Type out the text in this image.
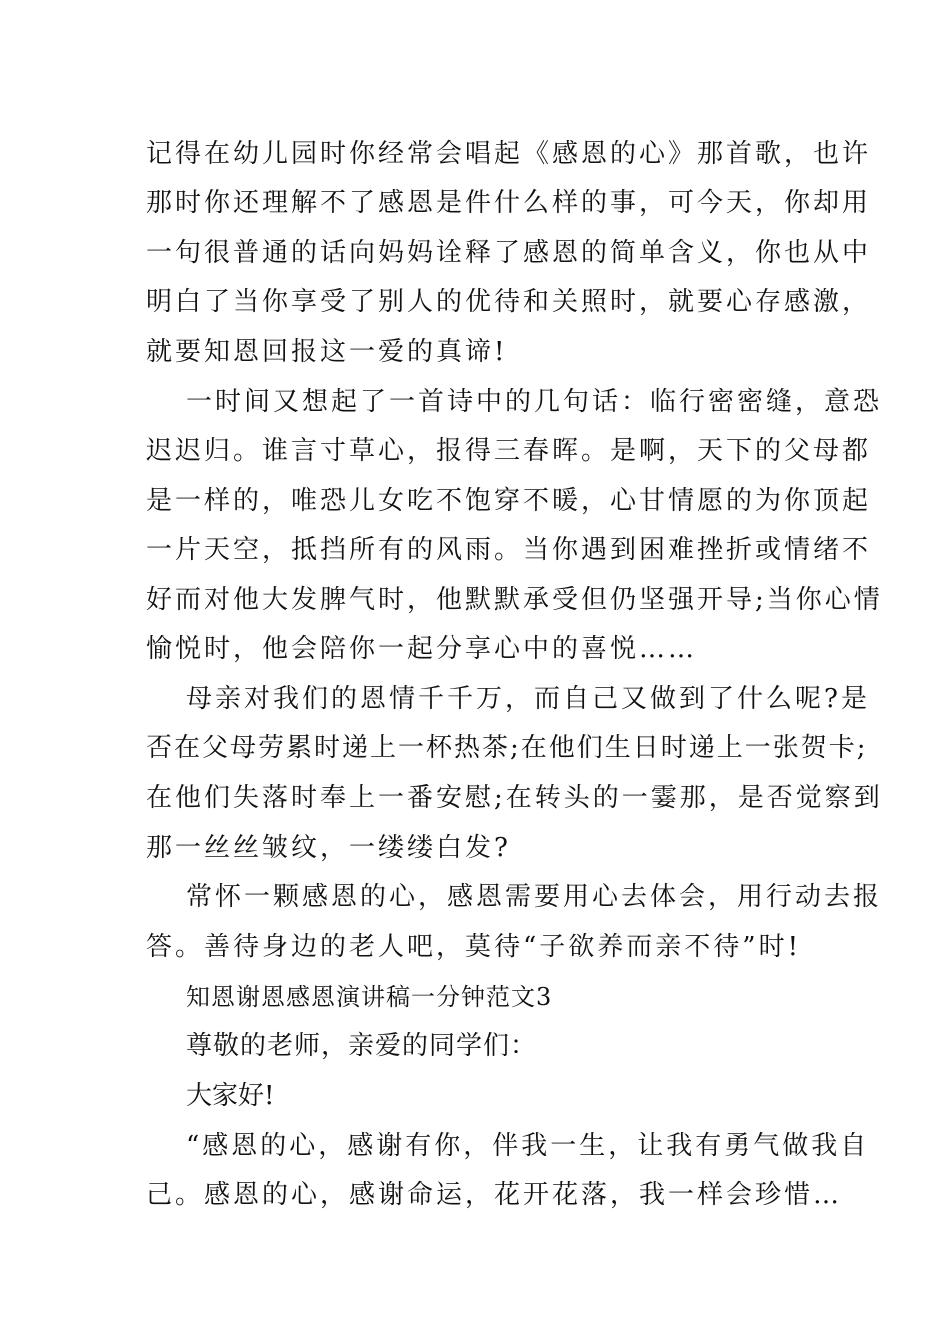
记得在幼儿园时你经常会唱起《感恩的心》那首歌，也许
那时你还理解不了感恩是件什么样的事，可今天，你却用
一句很普通的话向妈妈诠释了感恩的简单含义，你也从中
明白了当你享受了别人的优待和关照时，就要心存感激，
就要知恩回报这一爱的真谛!
一时间又想起了一首诗中的几句话：临行密密缝，意恐
迟迟归。谁言寸草心，报得三春晖。是啊，天下的父母都
是一样的，唯恐儿女吃不饱穿不暖，心甘情愿的为你顶起
一片天空，抵挡所有的风雨。当你遇到困难挫折或情绪不
好而对他大发脾气时，他默默承受但仍坚强开导;当你心情
愉悦时，他会陪你一起分享心中的喜悦……
母亲对我们的恩情千千万，而自己又做到了什么呢?是
否在父母劳累时递上一杯热茶;在他们生日时递上一张贺卡;
在他们失落时奉上一番安慰;在转头的一霎那，是否觉察到
那一丝丝皱纹，一缕缕白发?
常怀一颗感恩的心，感恩需要用心去体会，用行动去报
答。善待身边的老人吧，莫待“子欲养而亲不待”时!
知恩谢恩感恩演讲稿一分钟范文3
尊敬的老师，亲爱的同学们：
大家好!
“感恩的心，感谢有你，伴我一生，让我有勇气做我自
己。感恩的心，感谢命运，花开花落，我一样会珍惜…
